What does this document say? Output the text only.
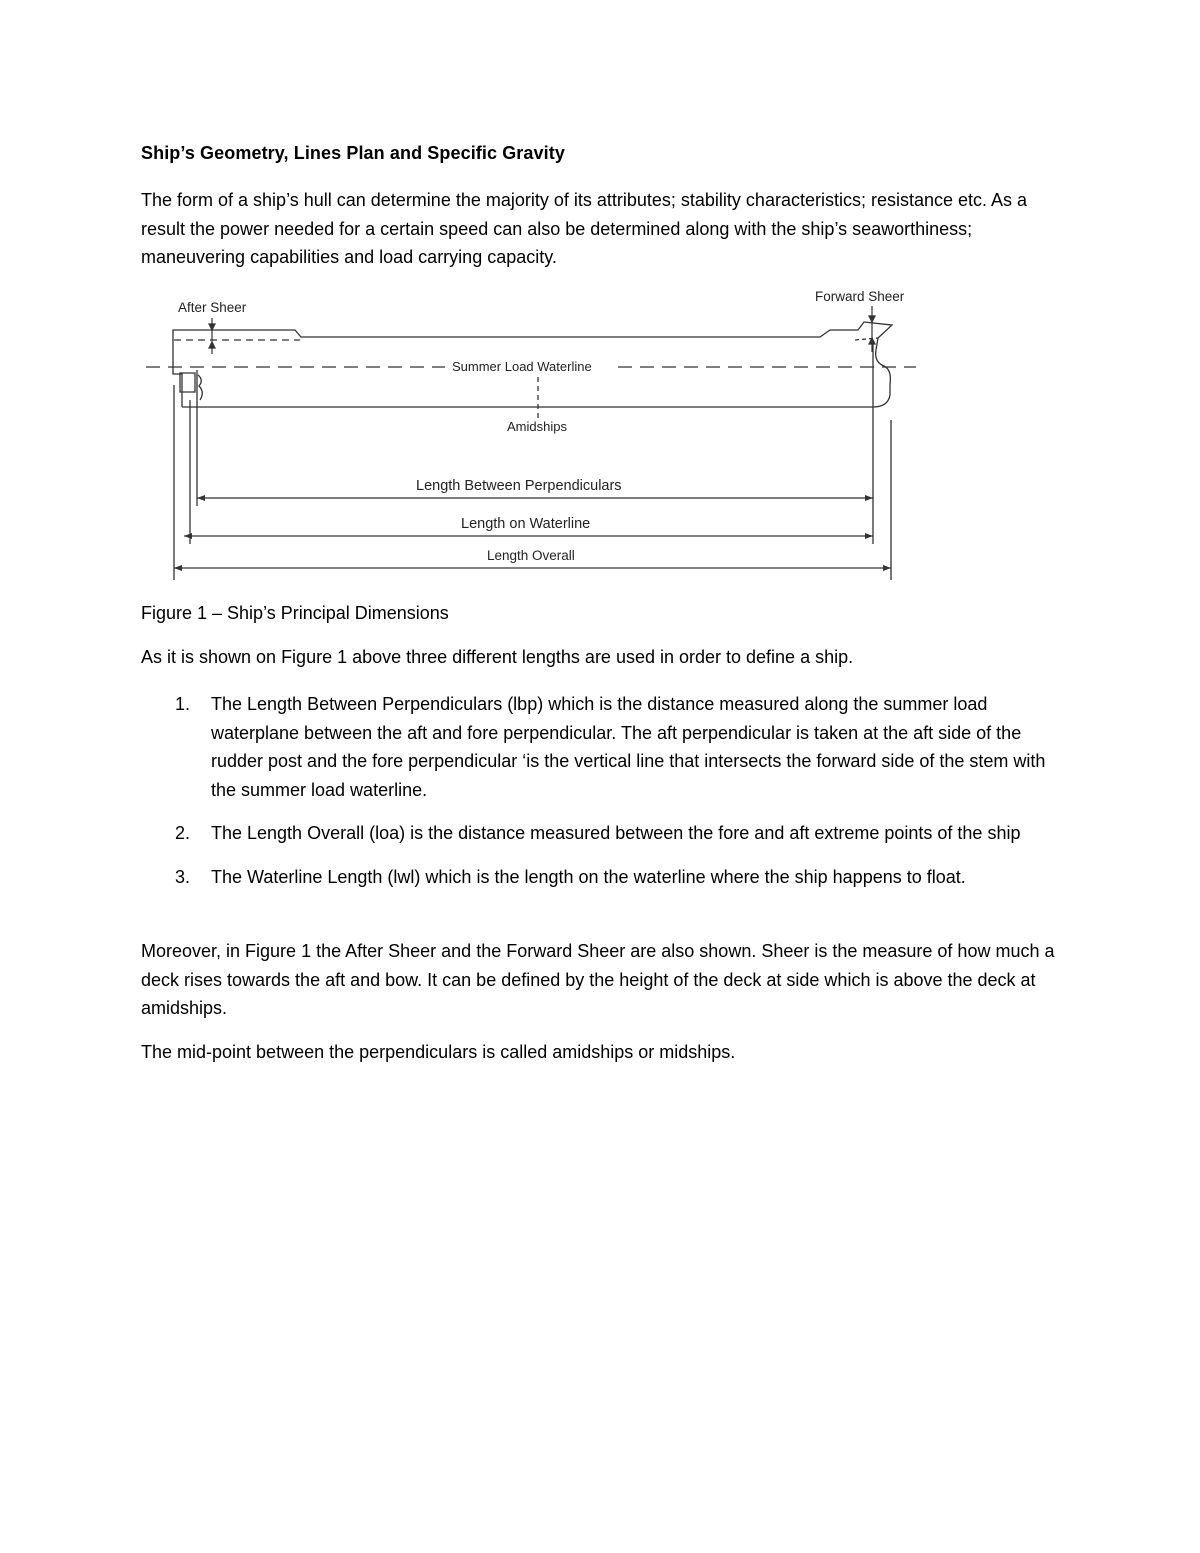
Ship’s Geometry, Lines Plan and Specific Gravity
The form of a ship’s hull can determine the majority of its attributes; stability characteristics; resistance etc. As a result the power needed for a certain speed can also be determined along with the ship’s seaworthiness; maneuvering capabilities and load carrying capacity.
After Sheer
Forward Sheer
Summer Load Waterline
Amidships
Length Between Perpendiculars
Length on Waterline
Length Overall
Figure 1 – Ship’s Principal Dimensions
As it is shown on Figure 1 above three different lengths are used in order to define a ship.
1. The Length Between Perpendiculars (lbp) which is the distance measured along the summer load waterplane between the aft and fore perpendicular. The aft perpendicular is taken at the aft side of the rudder post and the fore perpendicular ‘is the vertical line that intersects the forward side of the stem with the summer load waterline.
2. The Length Overall (loa) is the distance measured between the fore and aft extreme points of the ship
3. The Waterline Length (lwl) which is the length on the waterline where the ship happens to float.
Moreover, in Figure 1 the After Sheer and the Forward Sheer are also shown. Sheer is the measure of how much a deck rises towards the aft and bow. It can be defined by the height of the deck at side which is above the deck at amidships.
The mid-point between the perpendiculars is called amidships or midships.
